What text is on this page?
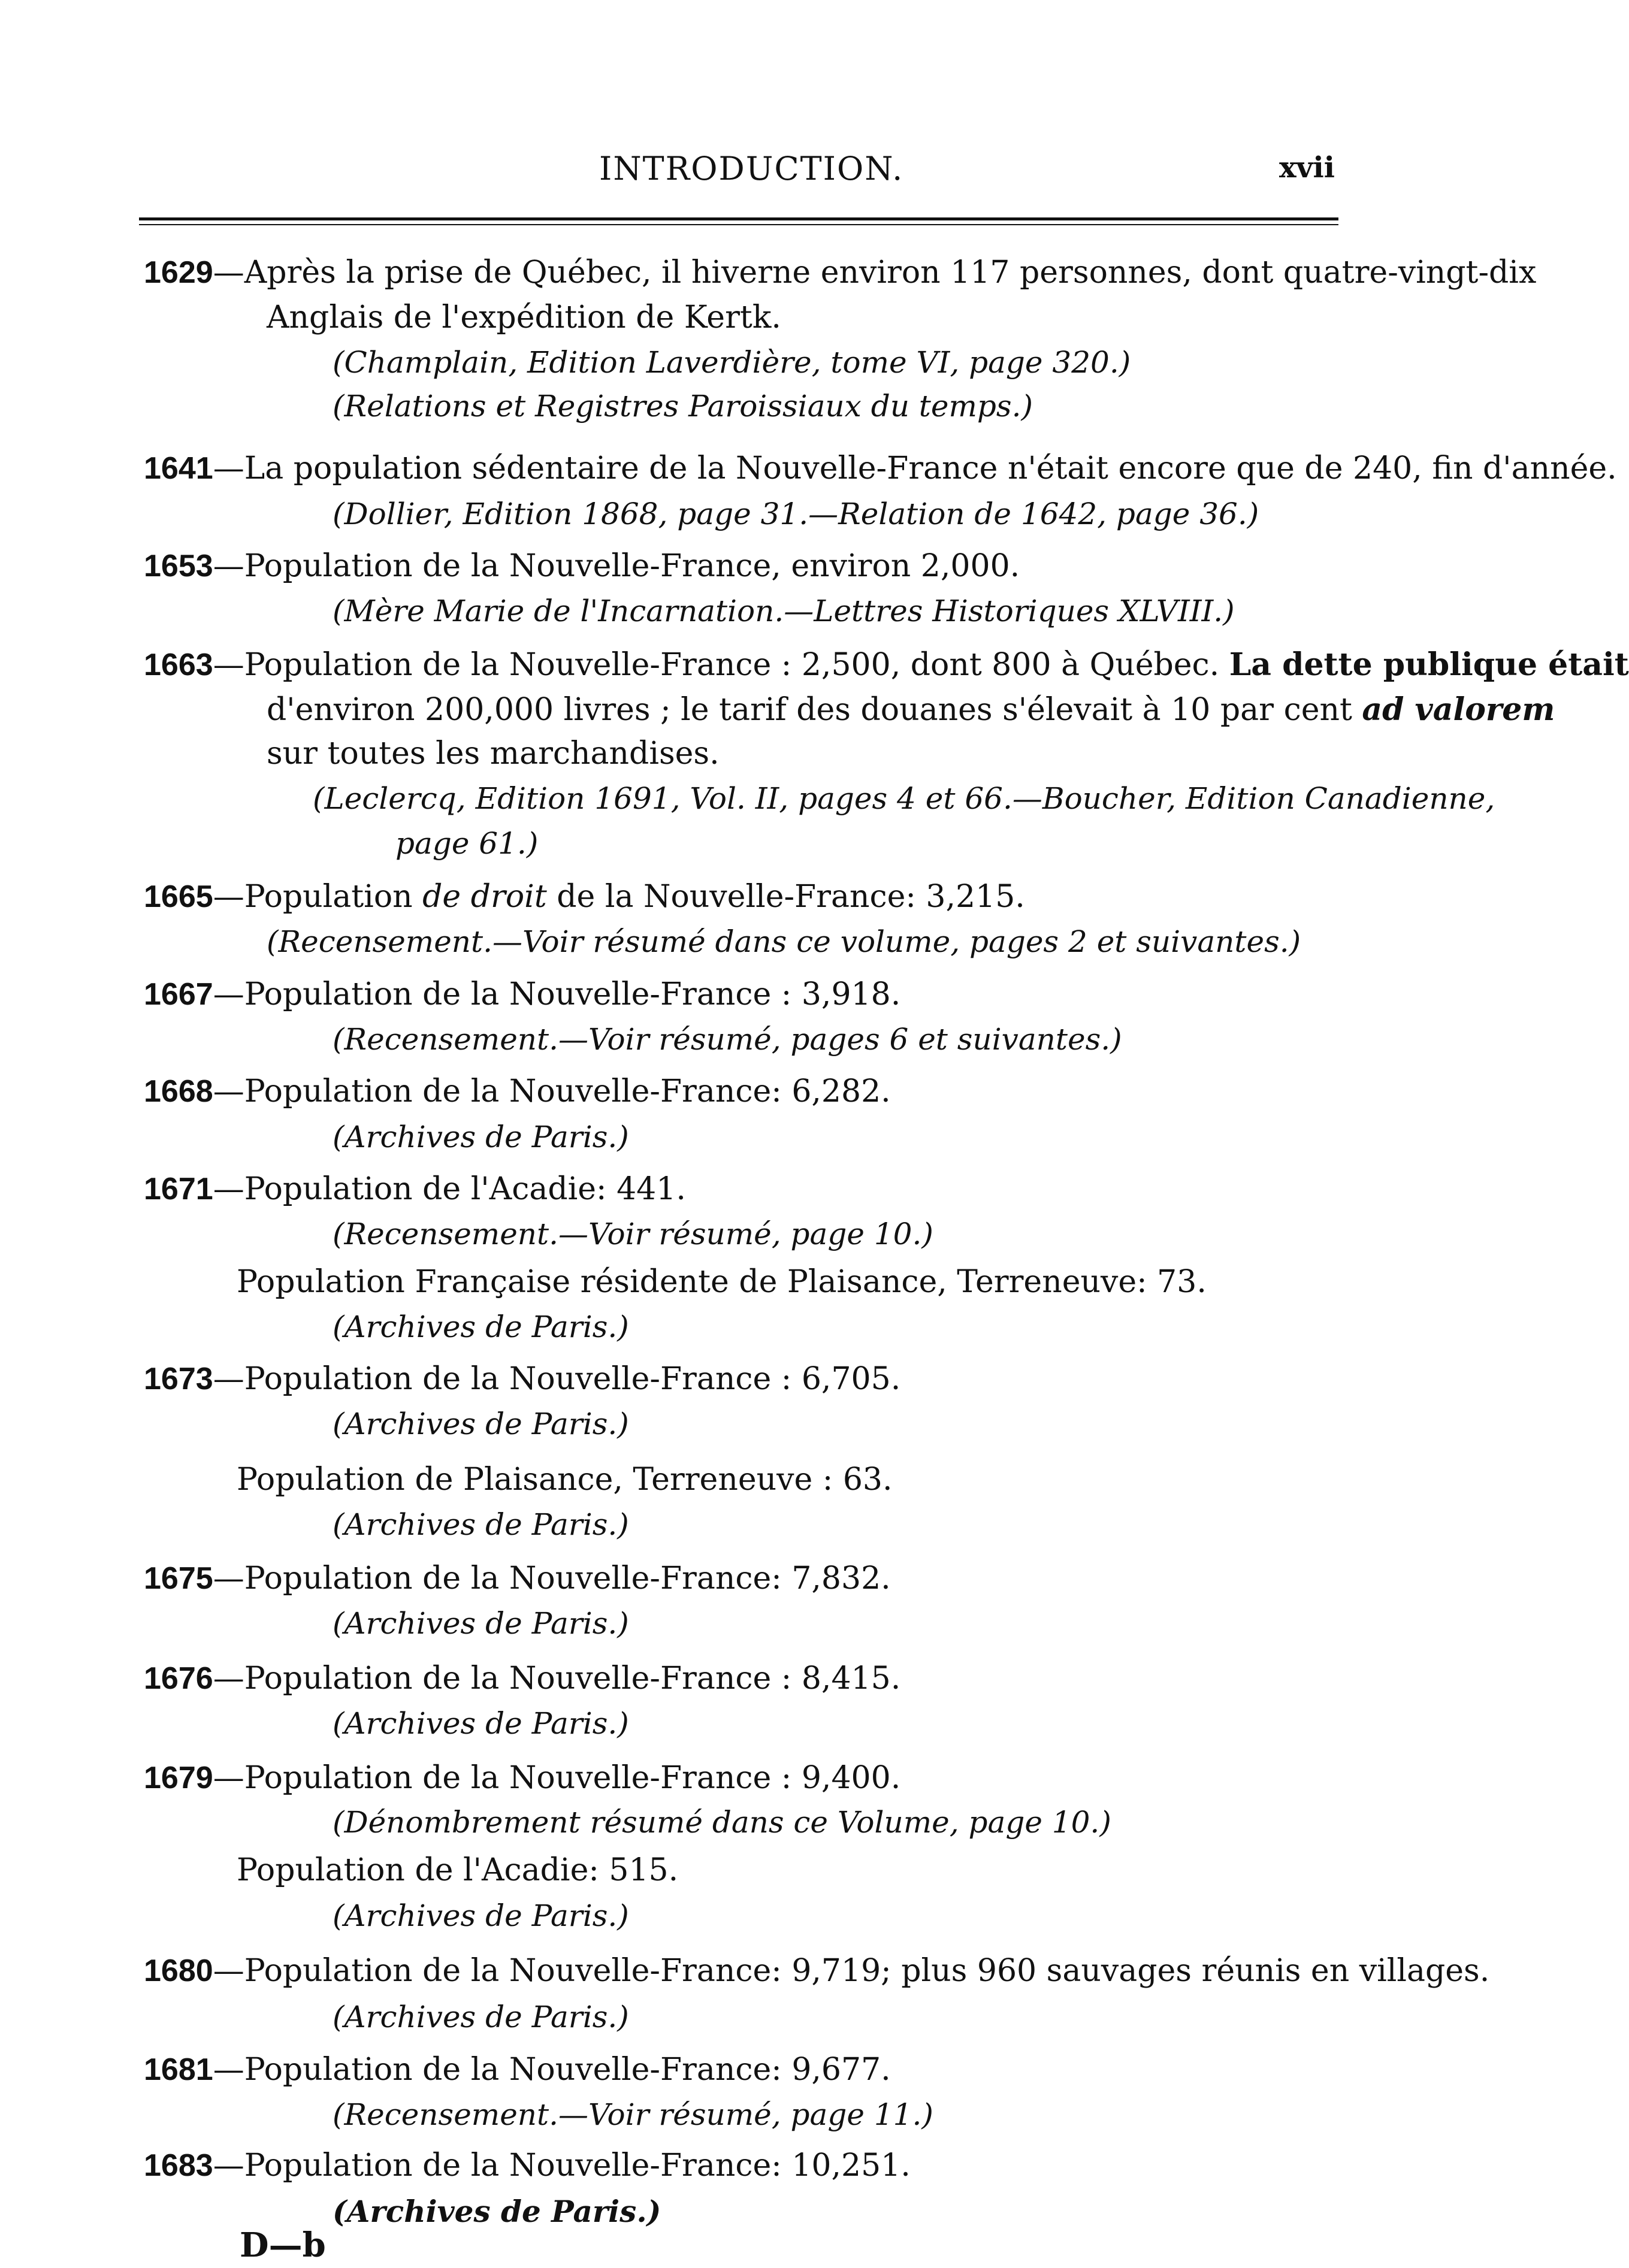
INTRODUCTION.	xvii
1629—Après la prise de Québec, il hiverne environ 117 personnes, dont quatre-vingt-dix
Anglais de l'expédition de Kertk.
(Champlain, Edition Laverdière, tome VI, page 320.)
(Relations et Registres Paroissiaux du temps.)
1641—La population sédentaire de la Nouvelle-France n'était encore que de 240, fin d'année.
(Dollier, Edition 1868, page 31.—Relation de 1642, page 36.)
1653—Population de la Nouvelle-France, environ 2,000.
(Mère Marie de l'Incarnation.—Lettres Historiques XLVIII.)
1663—Population de la Nouvelle-France : 2,500, dont 800 à Québec. La dette publique était
d'environ 200,000 livres ; le tarif des douanes s'élevait à 10 par cent ad valorem
sur toutes les marchandises.
(Leclercq, Edition 1691, Vol. II, pages 4 et 66.—Boucher, Edition Canadienne,
page 61.)
1665—Population de droit de la Nouvelle-France: 3,215.
(Recensement.—Voir résumé dans ce volume, pages 2 et suivantes.)
1667—Population de la Nouvelle-France : 3,918.
(Recensement.—Voir résumé, pages 6 et suivantes.)
1668—Population de la Nouvelle-France: 6,282.
(Archives de Paris.)
1671—Population de l'Acadie: 441.
(Recensement.—Voir résumé, page 10.)
Population Française résidente de Plaisance, Terreneuve: 73.
(Archives de Paris.)
1673—Population de la Nouvelle-France : 6,705.
(Archives de Paris.)
Population de Plaisance, Terreneuve : 63.
(Archives de Paris.)
1675—Population de la Nouvelle-France: 7,832.
(Archives de Paris.)
1676—Population de la Nouvelle-France : 8,415.
(Archives de Paris.)
1679—Population de la Nouvelle-France : 9,400.
(Dénombrement résumé dans ce Volume, page 10.)
Population de l'Acadie: 515.
(Archives de Paris.)
1680—Population de la Nouvelle-France: 9,719; plus 960 sauvages réunis en villages.
(Archives de Paris.)
1681—Population de la Nouvelle-France: 9,677.
(Recensement.—Voir résumé, page 11.)
1683—Population de la Nouvelle-France: 10,251.
(Archives de Paris.)
D—b
